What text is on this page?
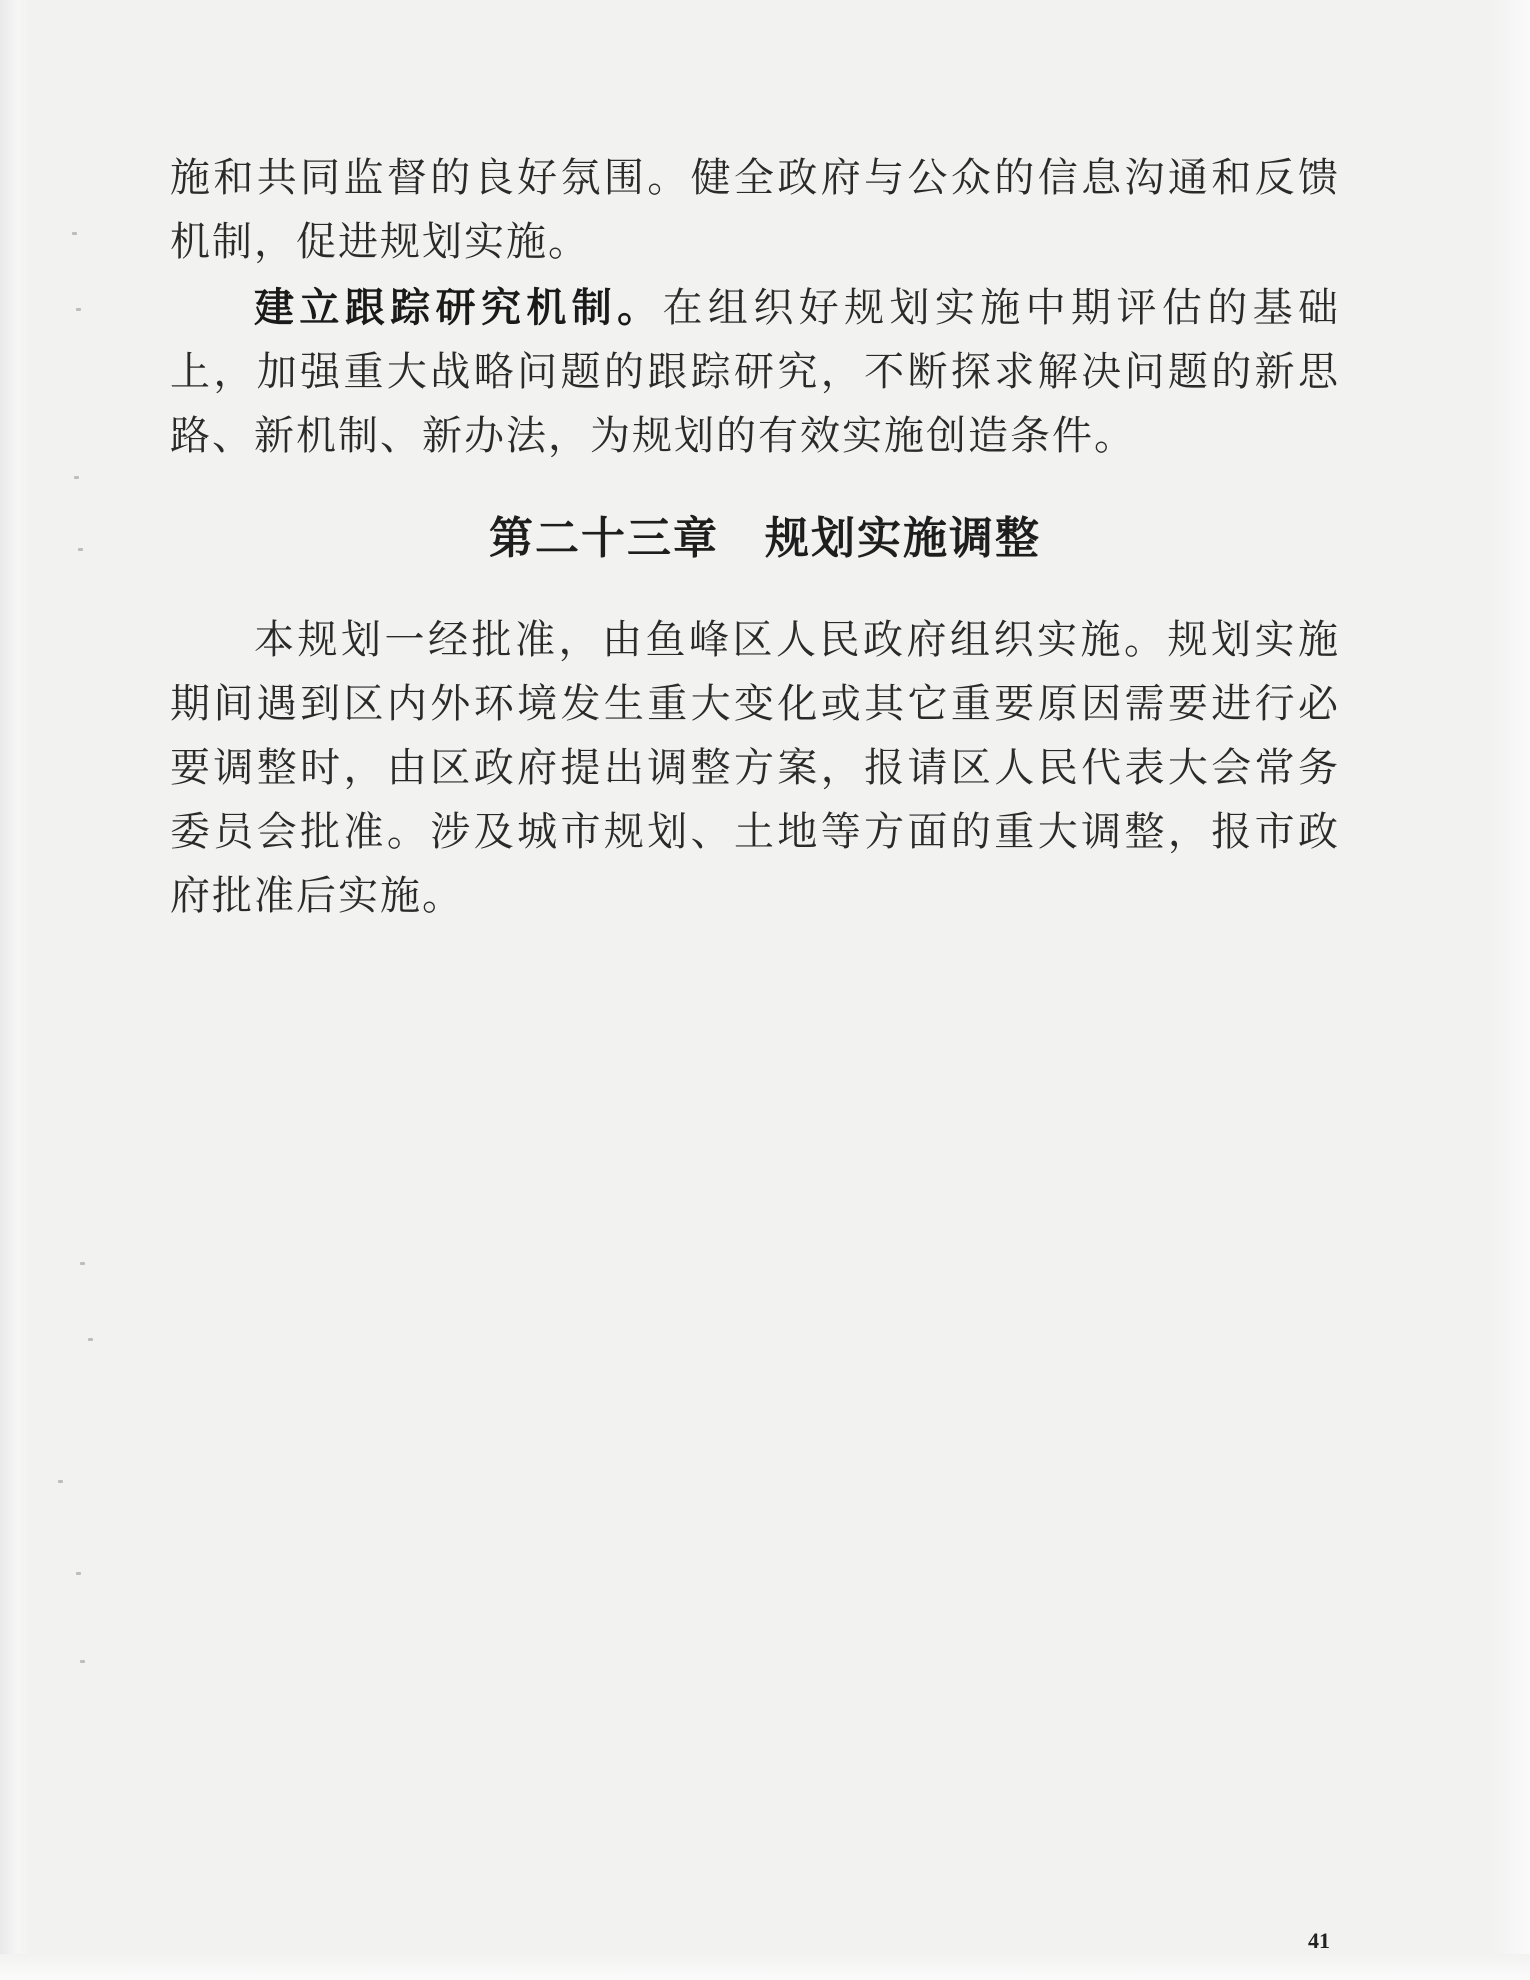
施和共同监督的良好氛围。健全政府与公众的信息沟通和反馈机制，促进规划实施。

建立跟踪研究机制。在组织好规划实施中期评估的基础上，加强重大战略问题的跟踪研究，不断探求解决问题的新思路、新机制、新办法，为规划的有效实施创造条件。

第二十三章　规划实施调整

本规划一经批准，由鱼峰区人民政府组织实施。规划实施期间遇到区内外环境发生重大变化或其它重要原因需要进行必要调整时，由区政府提出调整方案，报请区人民代表大会常务委员会批准。涉及城市规划、土地等方面的重大调整，报市政府批准后实施。

41
